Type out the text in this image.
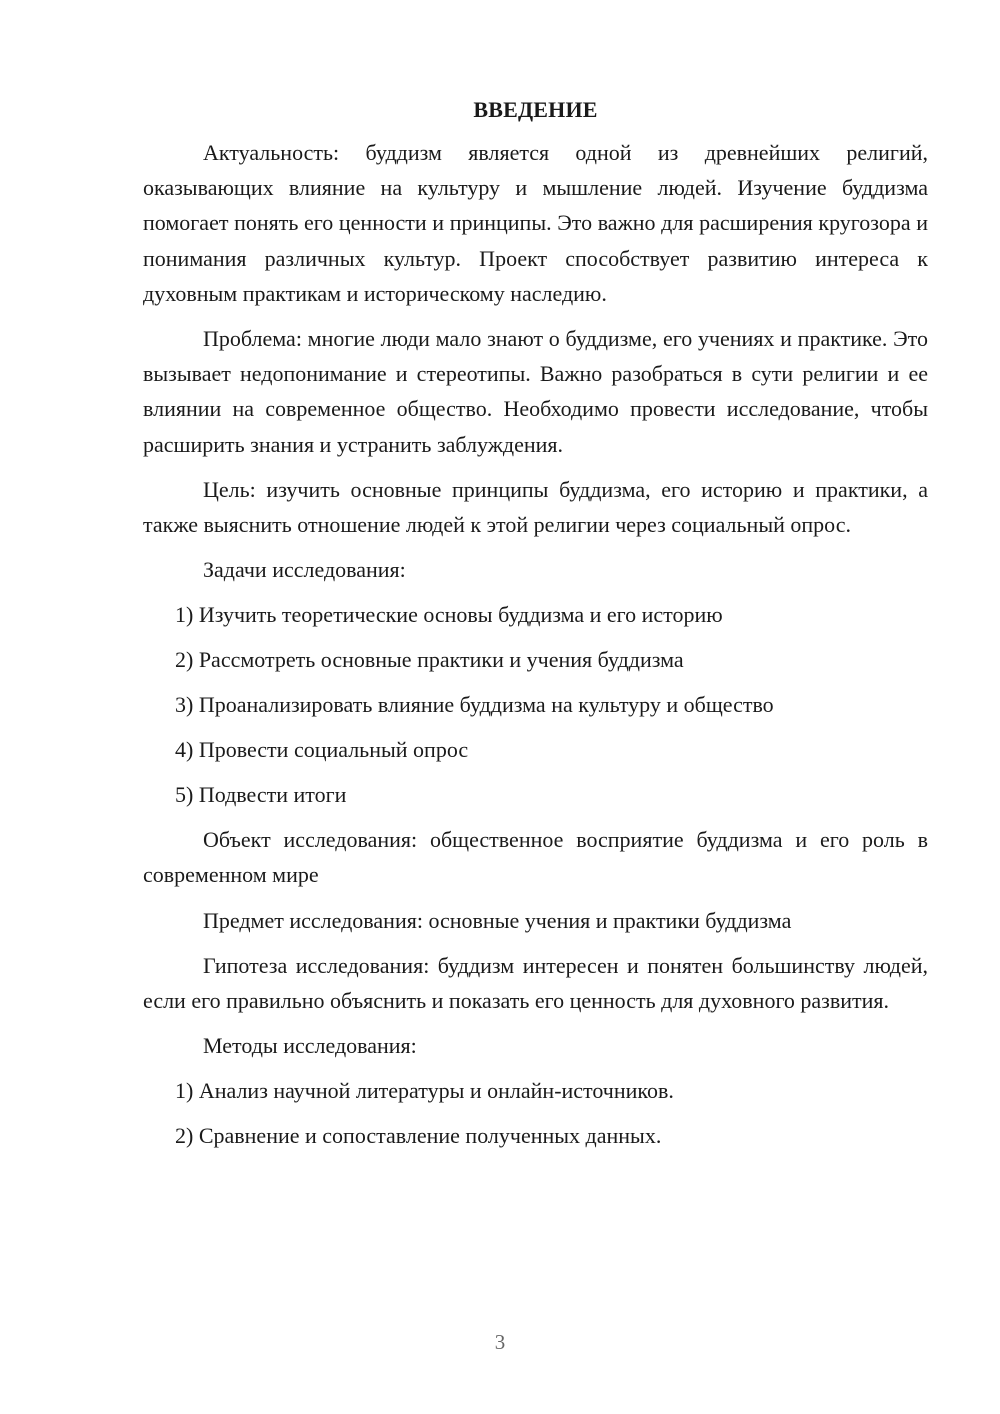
ВВЕДЕНИЕ

Актуальность: буддизм является одной из древнейших религий, оказывающих влияние на культуру и мышление людей. Изучение буддизма помогает понять его ценности и принципы. Это важно для расширения кругозора и понимания различных культур. Проект способствует развитию интереса к духовным практикам и историческому наследию.

Проблема: многие люди мало знают о буддизме, его учениях и практике. Это вызывает недопонимание и стереотипы. Важно разобраться в сути религии и ее влиянии на современное общество. Необходимо провести исследование, чтобы расширить знания и устранить заблуждения.

Цель: изучить основные принципы буддизма, его историю и практики, а также выяснить отношение людей к этой религии через социальный опрос.

Задачи исследования:

1) Изучить теоретические основы буддизма и его историю

2) Рассмотреть основные практики и учения буддизма

3) Проанализировать влияние буддизма на культуру и общество

4) Провести социальный опрос

5) Подвести итоги

Объект исследования: общественное восприятие буддизма и его роль в современном мире

Предмет исследования: основные учения и практики буддизма

Гипотеза исследования: буддизм интересен и понятен большинству людей, если его правильно объяснить и показать его ценность для духовного развития.

Методы исследования:

1) Анализ научной литературы и онлайн-источников.

2) Сравнение и сопоставление полученных данных.

3
